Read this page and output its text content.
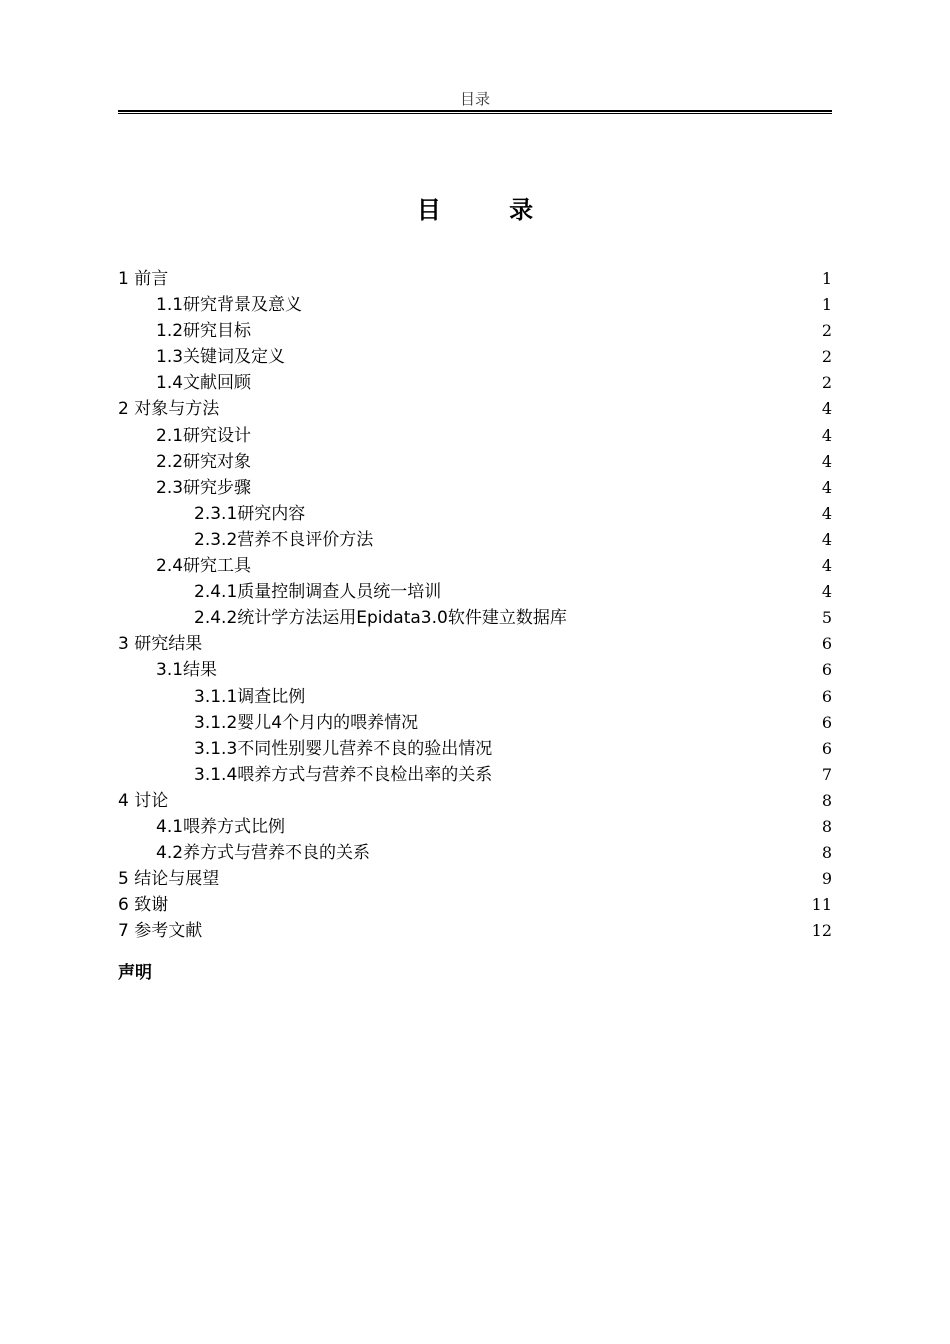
目录
目 录
1 前言	1
1.1研究背景及意义	1
1.2研究目标	2
1.3关键词及定义	2
1.4文献回顾	2
2 对象与方法	4
2.1研究设计	4
2.2研究对象	4
2.3研究步骤	4
2.3.1研究内容	4
2.3.2营养不良评价方法	4
2.4研究工具	4
2.4.1质量控制调查人员统一培训	4
2.4.2统计学方法运用Epidata3.0软件建立数据库	5
3 研究结果	6
3.1结果	6
3.1.1调查比例	6
3.1.2婴儿4个月内的喂养情况	6
3.1.3不同性别婴儿营养不良的验出情况	6
3.1.4喂养方式与营养不良检出率的关系	7
4 讨论	8
4.1喂养方式比例	8
4.2养方式与营养不良的关系	8
5 结论与展望	9
6 致谢	11
7 参考文献	12
声明
